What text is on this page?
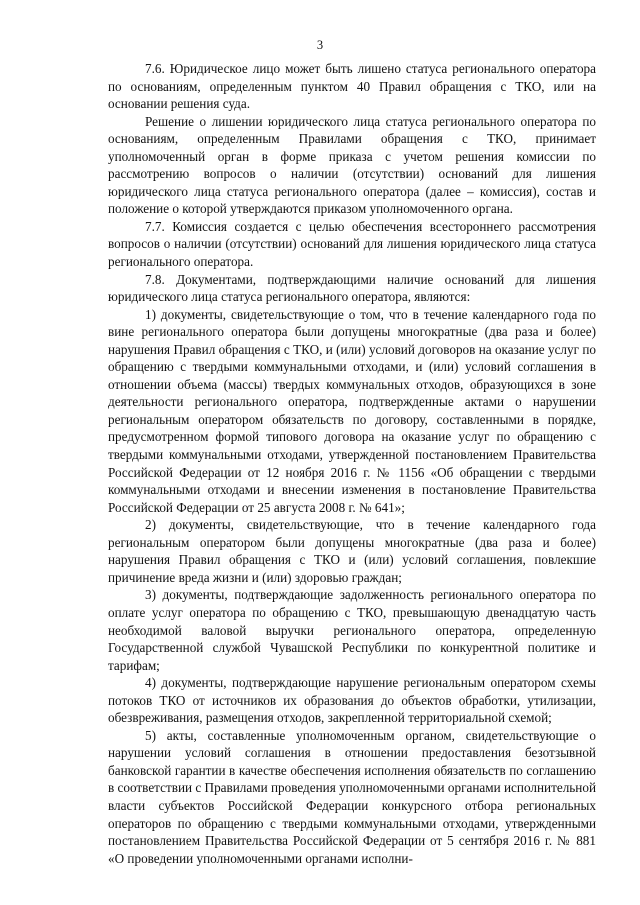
3

7.6. Юридическое лицо может быть лишено статуса регионального оператора по основаниям, определенным пунктом 40 Правил обращения с ТКО, или на основании решения суда.

Решение о лишении юридического лица статуса регионального оператора по основаниям, определенным Правилами обращения с ТКО, принимает уполномоченный орган в форме приказа с учетом решения комиссии по рассмотрению вопросов о наличии (отсутствии) оснований для лишения юридического лица статуса регионального оператора (далее – комиссия), состав и положение о которой утверждаются приказом уполномоченного органа.

7.7. Комиссия создается с целью обеспечения всестороннего рассмотрения вопросов о наличии (отсутствии) оснований для лишения юридического лица статуса регионального оператора.

7.8. Документами, подтверждающими наличие оснований для лишения юридического лица статуса регионального оператора, являются:

1) документы, свидетельствующие о том, что в течение календарного года по вине регионального оператора были допущены многократные (два раза и более) нарушения Правил обращения с ТКО, и (или) условий договоров на оказание услуг по обращению с твердыми коммунальными отходами, и (или) условий соглашения в отношении объема (массы) твердых коммунальных отходов, образующихся в зоне деятельности регионального оператора, подтвержденные актами о нарушении региональным оператором обязательств по договору, составленными в порядке, предусмотренном формой типового договора на оказание услуг по обращению с твердыми коммунальными отходами, утвержденной постановлением Правительства Российской Федерации от 12 ноября 2016 г. № 1156 «Об обращении с твердыми коммунальными отходами и внесении изменения в постановление Правительства Российской Федерации от 25 августа 2008 г. № 641»;

2) документы, свидетельствующие, что в течение календарного года региональным оператором были допущены многократные (два раза и более) нарушения Правил обращения с ТКО и (или) условий соглашения, повлекшие причинение вреда жизни и (или) здоровью граждан;

3) документы, подтверждающие задолженность регионального оператора по оплате услуг оператора по обращению с ТКО, превышающую двенадцатую часть необходимой валовой выручки регионального оператора, определенную Государственной службой Чувашской Республики по конкурентной политике и тарифам;

4) документы, подтверждающие нарушение региональным оператором схемы потоков ТКО от источников их образования до объектов обработки, утилизации, обезвреживания, размещения отходов, закрепленной территориальной схемой;

5) акты, составленные уполномоченным органом, свидетельствующие о нарушении условий соглашения в отношении предоставления безотзывной банковской гарантии в качестве обеспечения исполнения обязательств по соглашению в соответствии с Правилами проведения уполномоченными органами исполнительной власти субъектов Российской Федерации конкурсного отбора региональных операторов по обращению с твердыми коммунальными отходами, утвержденными постановлением Правительства Российской Федерации от 5 сентября 2016 г. № 881 «О проведении уполномоченными органами исполни-
